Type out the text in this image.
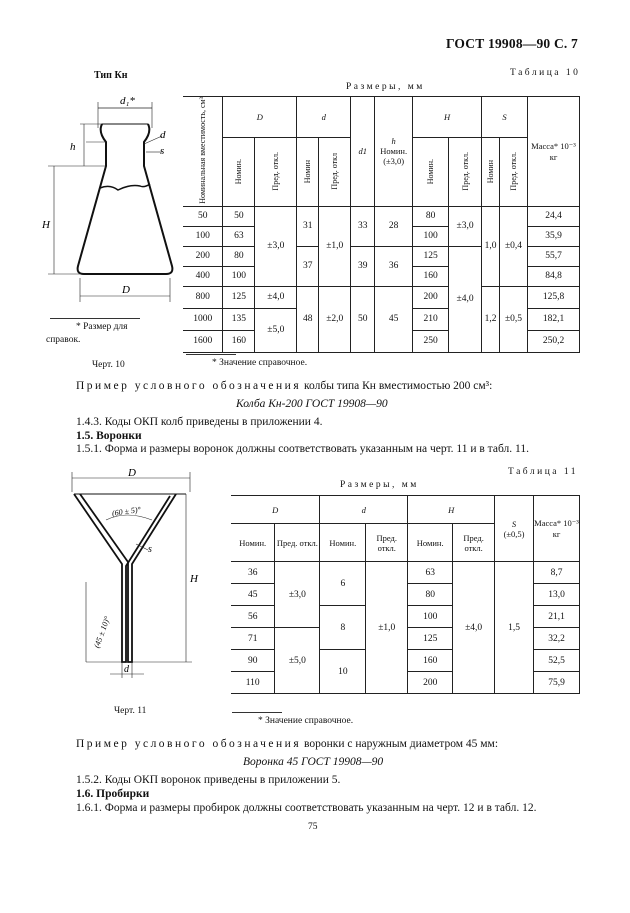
ГОСТ 19908—90 С. 7
Тип Кн
d₁*
h
d
s
H
D
* Размер для
справок.
Черт. 10
Таблица 10
Размеры, мм
Номинальная вместимость, см³	D		d		d1	h
Номин. (±3,0)	H		S		Масса* 10⁻³ кг
	Номин.	Пред. откл.	Номин	Пред. откл			Номин.	Пред. откл.	Номин	Пред. откл.	
50	50	±3,0	31	±1,0	33	28	80	±3,0	1,0	±0,4	24,4
100	63						100				35,9
200	80		37		39	36	125	±4,0			55,7
400	100						160				84,8
800	125	±4,0	48	±2,0	50	45	200		1,2	±0,5	125,8
1000	135	±5,0					210				182,1
1600	160						250				250,2
* Значение справочное.
Пример условного обозначения колбы типа Кн вместимостью 200 см³:
Колба Кн-200 ГОСТ 19908—90
1.4.3. Коды ОКП колб приведены в приложении 4.
1.5. Воронки
1.5.1. Форма и размеры воронок должны соответствовать указанным на черт. 11 и в табл. 11.
D
(60 ± 5)°
s
H
(45 ± 10)°
d
Черт. 11
Таблица 11
Размеры, мм
D		d		H		S
(±0,5)	Масса* 10⁻³ кг
Номин.	Пред. откл.	Номин.	Пред. откл.	Номин.	Пред. откл.		
36	±3,0	6	±1,0	63	±4,0	1,5	8,7
45				80			13,0
56		8		100			21,1
71	±5,0			125			32,2
90		10		160			52,5
110				200			75,9
* Значение справочное.
Пример условного обозначения воронки с наружным диаметром 45 мм:
Воронка 45 ГОСТ 19908—90
1.5.2. Коды ОКП воронок приведены в приложении 5.
1.6. Пробирки
1.6.1. Форма и размеры пробирок должны соответствовать указанным на черт. 12 и в табл. 12.
75
